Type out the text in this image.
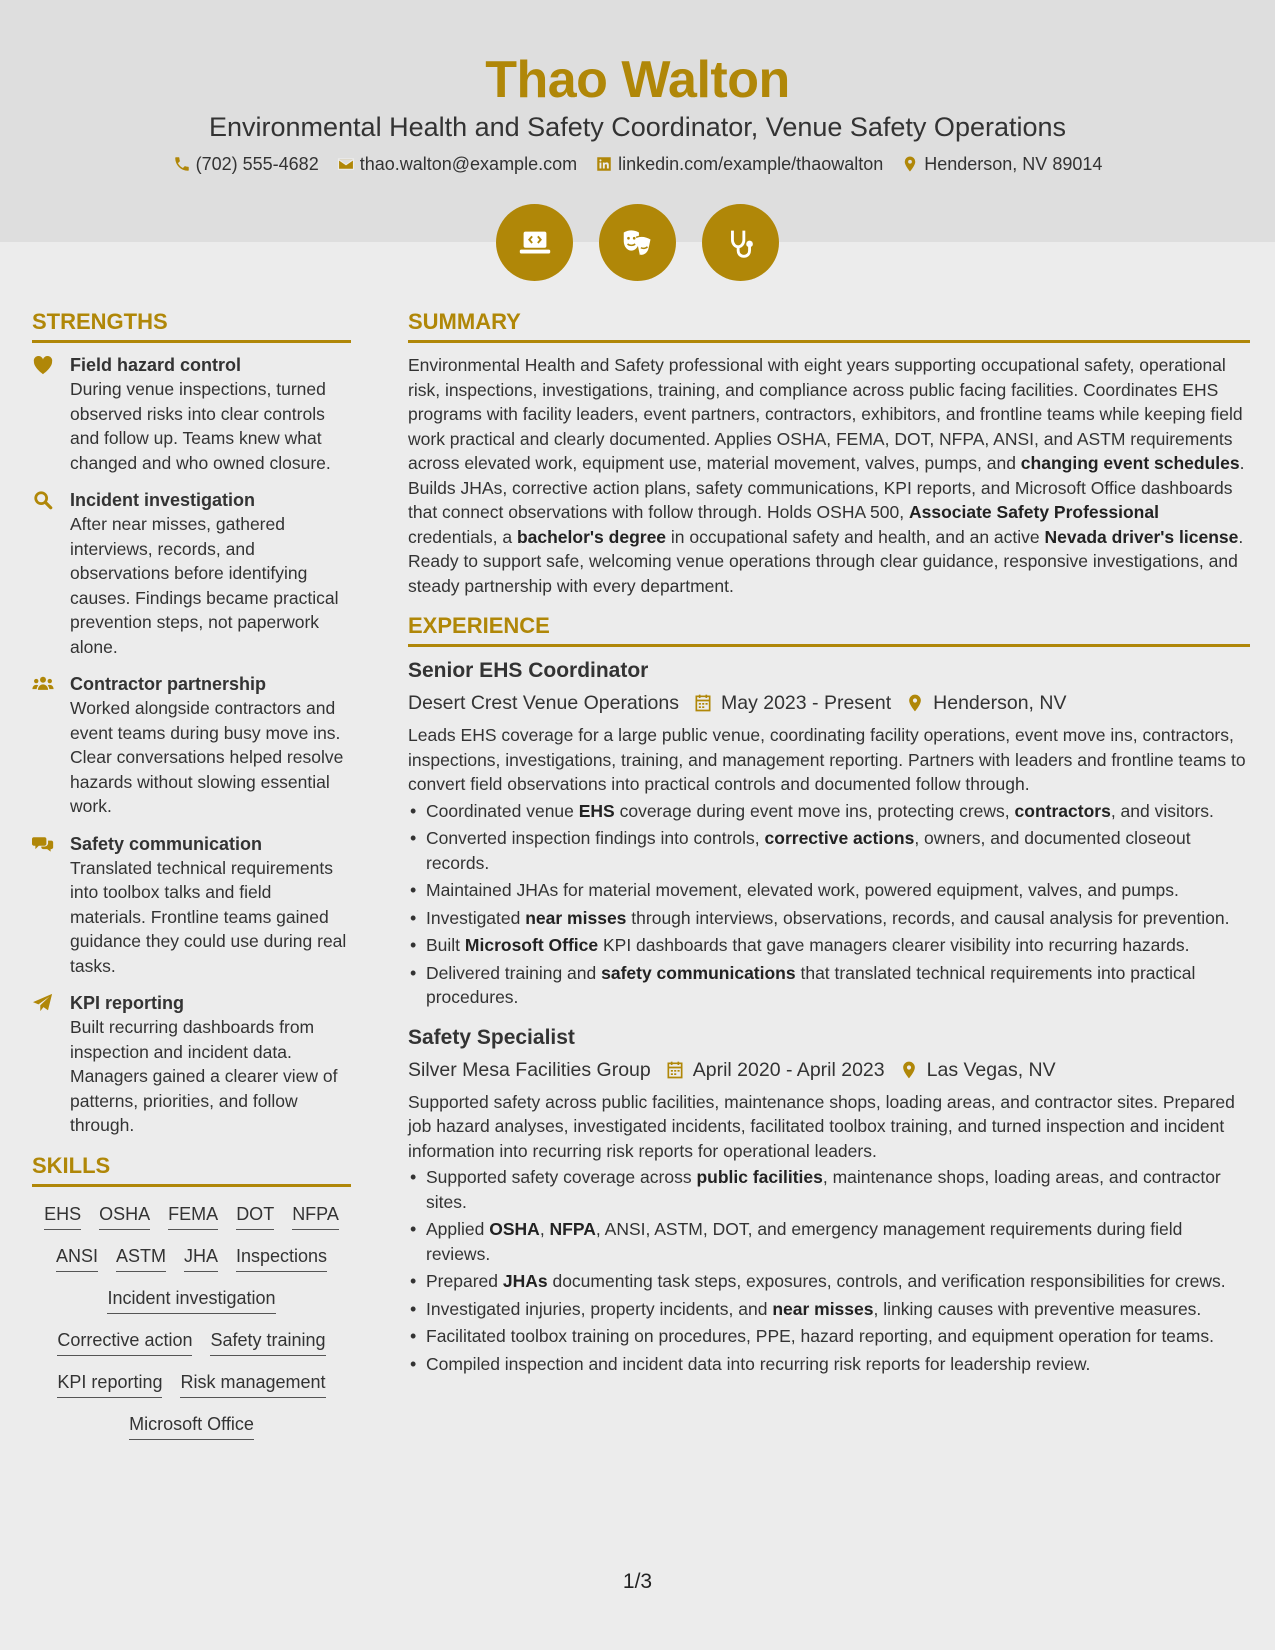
Thao Walton
Environmental Health and Safety Coordinator, Venue Safety Operations
(702) 555-4682 thao.walton@example.com linkedin.com/example/thaowalton Henderson, NV 89014
STRENGTHS
Field hazard control
During venue inspections, turned observed risks into clear controls and follow up. Teams knew what changed and who owned closure.
Incident investigation
After near misses, gathered interviews, records, and observations before identifying causes. Findings became practical prevention steps, not paperwork alone.
Contractor partnership
Worked alongside contractors and event teams during busy move ins. Clear conversations helped resolve hazards without slowing essential work.
Safety communication
Translated technical requirements into toolbox talks and field materials. Frontline teams gained guidance they could use during real tasks.
KPI reporting
Built recurring dashboards from inspection and incident data. Managers gained a clearer view of patterns, priorities, and follow through.
SKILLS
EHS OSHA FEMA DOT NFPA
ANSI ASTM JHA Inspections
Incident investigation
Corrective action Safety training
KPI reporting Risk management
Microsoft Office
SUMMARY

Environmental Health and Safety professional with eight years supporting occupational safety, operational risk, inspections, investigations, training, and compliance across public facing facilities. Coordinates EHS programs with facility leaders, event partners, contractors, exhibitors, and frontline teams while keeping field work practical and clearly documented. Applies OSHA, FEMA, DOT, NFPA, ANSI, and ASTM requirements across elevated work, equipment use, material movement, valves, pumps, and changing event schedules. Builds JHAs, corrective action plans, safety communications, KPI reports, and Microsoft Office dashboards that connect observations with follow through. Holds OSHA 500, Associate Safety Professional credentials, a bachelor's degree in occupational safety and health, and an active Nevada driver's license. Ready to support safe, welcoming venue operations through clear guidance, responsive investigations, and steady partnership with every department.

EXPERIENCE
Senior EHS Coordinator
Desert Crest Venue Operations May 2023 - Present Henderson, NV
Leads EHS coverage for a large public venue, coordinating facility operations, event move ins, contractors, inspections, investigations, training, and management reporting. Partners with leaders and frontline teams to convert field observations into practical controls and documented follow through.
• Coordinated venue EHS coverage during event move ins, protecting crews, contractors, and visitors.
• Converted inspection findings into controls, corrective actions, owners, and documented closeout records.
• Maintained JHAs for material movement, elevated work, powered equipment, valves, and pumps.
• Investigated near misses through interviews, observations, records, and causal analysis for prevention.
• Built Microsoft Office KPI dashboards that gave managers clearer visibility into recurring hazards.
• Delivered training and safety communications that translated technical requirements into practical procedures.
Safety Specialist
Silver Mesa Facilities Group April 2020 - April 2023 Las Vegas, NV
Supported safety across public facilities, maintenance shops, loading areas, and contractor sites. Prepared job hazard analyses, investigated incidents, facilitated toolbox training, and turned inspection and incident information into recurring risk reports for operational leaders.
• Supported safety coverage across public facilities, maintenance shops, loading areas, and contractor sites.
• Applied OSHA, NFPA, ANSI, ASTM, DOT, and emergency management requirements during field reviews.
• Prepared JHAs documenting task steps, exposures, controls, and verification responsibilities for crews.
• Investigated injuries, property incidents, and near misses, linking causes with preventive measures.
• Facilitated toolbox training on procedures, PPE, hazard reporting, and equipment operation for teams.
• Compiled inspection and incident data into recurring risk reports for leadership review.
1/3
